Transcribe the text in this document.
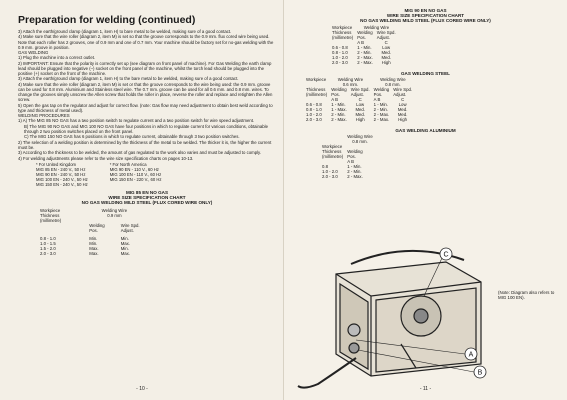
Preparation for welding (continued)

3) Attach the earth/ground clamp (diagram 1, item H) to bare metal to be welded, making sure of a good contact.

4) Make sure that the wire roller (diagram 2, item M) is set so that the groove corresponds to the 0.9 mm. flux cored wire being used. Note that each roller has 2 grooves, one of 0.9 mm and one of 0.7 mm. Your machine should be factory set for no-gas welding with the 0.9 mm. groove in position.

GAS WELDING

1) Plug the machine into a correct outlet.

2) IMPORTANT: Ensure that the polarity is correctly set up (see diagram on front panel of machine). For Gas Welding the earth clamp lead should be plugged into negative (–) socket on the front panel of the machine, whilst the torch lead should be plugged into the positive (+) socket on the front of the machine.

3) Attach the earth/ground clamp (diagram 1, item H) to the bare metal to be welded, making sure of a good contact.

4) Make sure that the wire roller (diagram 2, item M) is set or that the groove corresponds to the wire being used: the 0.9 mm. groove can be used for 0.8 mm. Aluminium and Stainless steel wire. The 0.7 mm. groove can be used for all 0.6 mm. and 0.8 mm. wires. To change the grooves simply unscrew the Allen screw that holds the roller in place, reverse the roller and replace and retighten the Allen screw.

5) Open the gas tap on the regulator and adjust for correct flow. (note: Gas flow may need adjustment to obtain best weld according to type and thickness of metal used).

WELDING PROCEDURES

1) A) The MIG 85 NO GAS has a two position switch to regulate current and a two position switch for wire speed adjustment.

B) The MIG 90 NO GAS and MIG 100 NO GAS have four positions in which to regulate current for various conditions, obtainable through 2 two position switches placed on the front panel.

C) The MIG 150 NO GAS has 6 positions in which to regulate current, obtainable through 3 two position switches.

2) The selection of a welding position is determined by the thickness of the metal to be welded. The thicker it is, the higher the current must be.

3) According to the thickness to be welded, the amount of gas regulated to the work also varies and must be adjusted to comply.

4) For welding adjustments please refer to the wire size specification charts on pages 10-13.

* For United Kingdom
MIG 85 EN - 240 V., 50 Hz
MIG 90 EN - 240 V., 50 Hz
MIG 100 EN - 240 V., 50 Hz
MIG 150 EN - 240 V., 50 Hz
* For North America
MIG 90 EN - 110 V., 60 Hz
MIG 100 EN - 110 V., 60 Hz
MIG 150 EN - 220 V., 60 Hz
MIG 85 EN NO GAS
WIRE SIZE SPECIFICATION CHART
NO GAS WELDING MILD STEEL (FLUX CORED WIRE ONLY)
Workpiece		Welding Wire	
Thickness		0.9 mm	
(millimetre)			
		Welding	Wire Spd.
		Pos.	Adjust.

0.8 - 1.0		Min.	Min.
1.0 - 1.5		Min.	Max.
1.5 - 2.0		Max.	Min.
2.0 - 3.0		Max.	Max.
- 10 -
MIG 90 EN NO GAS
WIRE SIZE SPECIFICATION CHART
NO GAS WELDING MILD STEEL (FLUX CORED WIRE ONLY)
Workpiece	Welding Wire	
Thickness	Welding	Wire Spd.
(millimetre)	Pos.	Adjust.
	A B	C
0.6 - 0.8	1 - Min.	Low
0.8 - 1.0	2 - Min.	Med.
1.0 - 2.0	2 - Max.	Med.
2.0 - 3.0	2 - Max.	High
GAS WELDING STEEL
Workpiece	Welding Wire		Welding Wire	
	0.6 mm.		0.8 mm.	
Thickness	Welding	Wire Spd.	Welding	Wire Spd.
(millimetre)	Pos.	Adjust.	Pos.	Adjust.
	A B	C	A B	C
0.6 - 0.8	1 - Min.	Low	1 - Min.	Low
0.8 - 1.0	1 - Max.	Med.	2 - Min.	Med.
1.0 - 2.0	2 - Min.	Med.	2 - Max.	Med.
2.0 - 3.0	2 - Max.	High	2 - Max.	High
GAS WELDING ALUMINIUM
	Welding Wire
	0.8 mm.
Workpiece	
Thickness	Welding
(millimetre)	Pos.
	A B
0.8	1 - Min.
1.0 - 2.0	2 - Min.
2.0 - 3.0	2 - Max.
C
A
B
(Note: Diagram also refers to MIG 100 EN).
- 11 -
